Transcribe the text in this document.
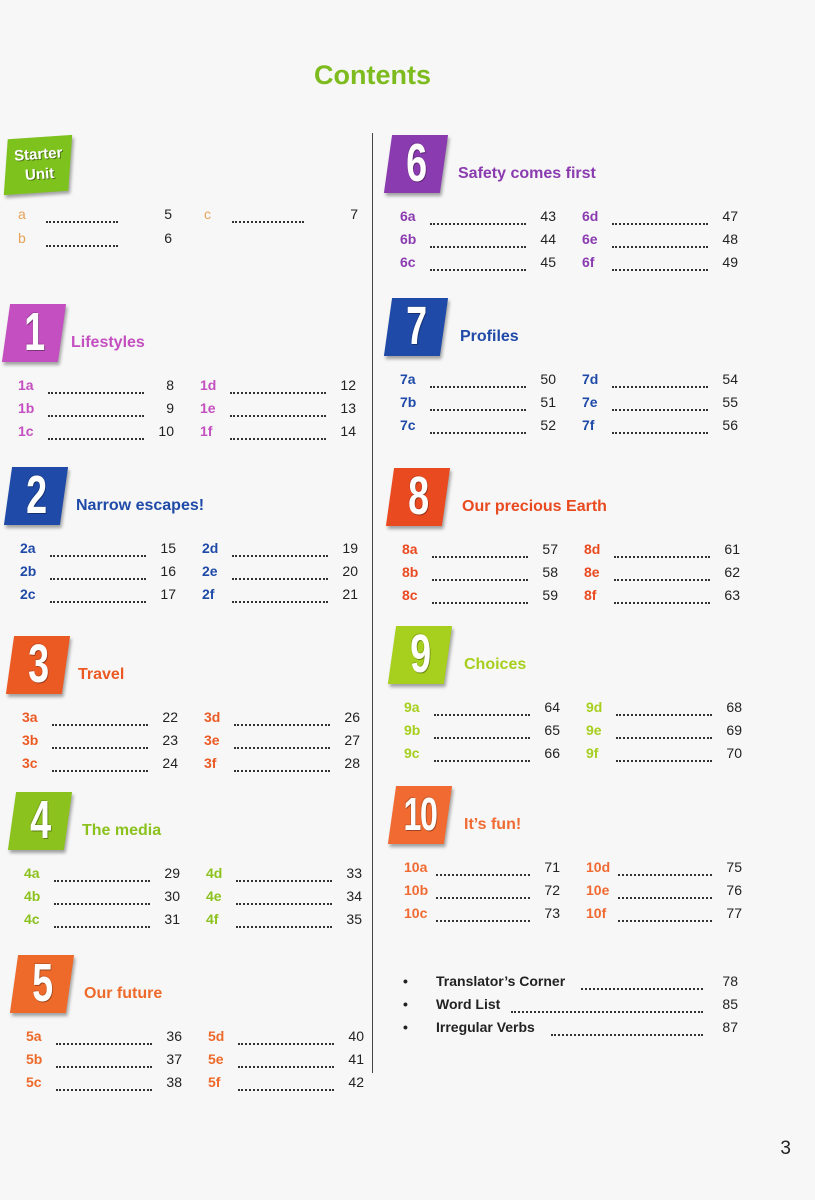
Contents
Starter
Unit
a	5
b	6
c	7
1	Lifestyles
1a	8
1b	9
1c	10
1d	12
1e	13
1f	14
2	Narrow escapes!
2a	15
2b	16
2c	17
2d	19
2e	20
2f	21
3	Travel
3a	22
3b	23
3c	24
3d	26
3e	27
3f	28
4	The media
4a	29
4b	30
4c	31
4d	33
4e	34
4f	35
5	Our future
5a	36
5b	37
5c	38
5d	40
5e	41
5f	42
6	Safety comes first
6a	43
6b	44
6c	45
6d	47
6e	48
6f	49
7	Profiles
7a	50
7b	51
7c	52
7d	54
7e	55
7f	56
8	Our precious Earth
8a	57
8b	58
8c	59
8d	61
8e	62
8f	63
9	Choices
9a	64
9b	65
9c	66
9d	68
9e	69
9f	70
10 It’s fun!
10a	71
10b	72
10c	73
10d	75
10e	76
10f	77
• Translator’s Corner	78
• Word List	85
• Irregular Verbs	87
3
